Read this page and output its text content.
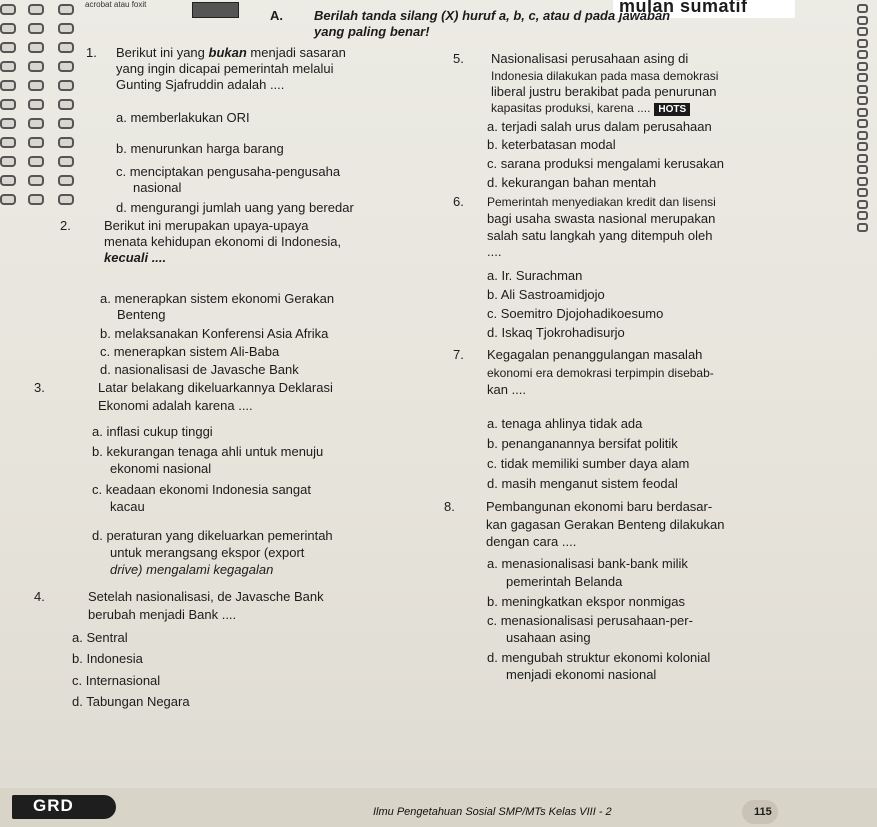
acrobat atau foxit	mulan sumatif
A. Berilah tanda silang (X) huruf a, b, c, atau d pada jawaban
yang paling benar!
1. Berikut ini yang bukan menjadi sasaran
yang ingin dicapai pemerintah melalui
Gunting Sjafruddin adalah ....
a. memberlakukan ORI
b. menurunkan harga barang
c. menciptakan pengusaha-pengusaha
nasional
d. mengurangi jumlah uang yang beredar
2.	Berikut ini merupakan upaya-upaya
menata kehidupan ekonomi di Indonesia,
kecuali ....
a. menerapkan sistem ekonomi Gerakan
Benteng
b. melaksanakan Konferensi Asia Afrika
c. menerapkan sistem Ali-Baba
d. nasionalisasi de Javasche Bank
3.	Latar belakang dikeluarkannya Deklarasi
Ekonomi adalah karena ....
a. inflasi cukup tinggi
b. kekurangan tenaga ahli untuk menuju
ekonomi nasional
c. keadaan ekonomi Indonesia sangat
kacau
d. peraturan yang dikeluarkan pemerintah
untuk merangsang ekspor (export
drive) mengalami kegagalan
4.	Setelah nasionalisasi, de Javasche Bank
berubah menjadi Bank ....
a. Sentral
b. Indonesia
c. Internasional
d. Tabungan Negara
5. Nasionalisasi perusahaan asing di
Indonesia dilakukan pada masa demokrasi
liberal justru berakibat pada penurunan
kapasitas produksi, karena .... HOTS
a. terjadi salah urus dalam perusahaan
b. keterbatasan modal
c. sarana produksi mengalami kerusakan
d. kekurangan bahan mentah
6. Pemerintah menyediakan kredit dan lisensi
bagi usaha swasta nasional merupakan
salah satu langkah yang ditempuh oleh
....
a. Ir. Surachman
b. Ali Sastroamidjojo
c. Soemitro Djojohadikoesumo
d. Iskaq Tjokrohadisurjo
7. Kegagalan penanggulangan masalah
ekonomi era demokrasi terpimpin disebab-
kan ....
a. tenaga ahlinya tidak ada
b. penanganannya bersifat politik
c. tidak memiliki sumber daya alam
d. masih menganut sistem feodal
8. Pembangunan ekonomi baru berdasar-
kan gagasan Gerakan Benteng dilakukan
dengan cara ....
a. menasionalisasi bank-bank milik
pemerintah Belanda
b. meningkatkan ekspor nonmigas
c. menasionalisasi perusahaan-per-
usahaan asing
d. mengubah struktur ekonomi kolonial
menjadi ekonomi nasional
GRD	Ilmu Pengetahuan Sosial SMP/MTs Kelas VIII - 2	115
